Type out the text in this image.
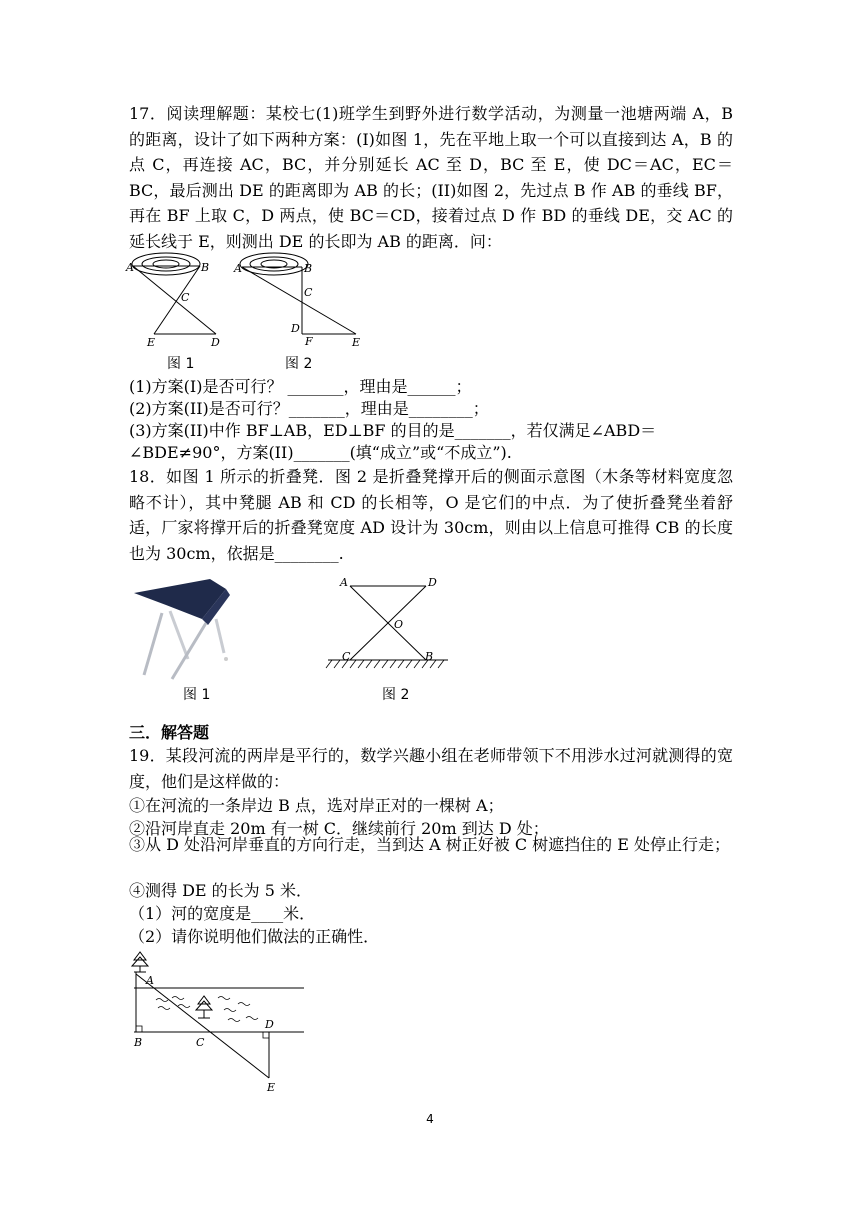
17．阅读理解题：某校七(1)班学生到野外进行数学活动，为测量一池塘两端 A，B 的距离，设计了如下两种方案：(I)如图 1，先在平地上取一个可以直接到达 A，B 的点 C，再连接 AC，BC，并分别延长 AC 至 D，BC 至 E，使 DC＝AC，EC＝BC，最后测出 DE 的距离即为 AB 的长；(II)如图 2，先过点 B 作 AB 的垂线 BF，再在 BF 上取 C，D 两点，使 BC＝CD，接着过点 D 作 BD 的垂线 DE，交 AC 的延长线于 E，则测出 DE 的长即为 AB 的距离．问：

A	B
C
E	D
A	B
C
D
F	E
图 1	图 2
(1)方案(I)是否可行？ _______，理由是______；
(2)方案(II)是否可行？_______，理由是________；
(3)方案(II)中作 BF⊥AB，ED⊥BF 的目的是_______，若仅满足∠ABD＝
∠BDE≠90°，方案(II)_______(填“成立”或“不成立”).

18．如图 1 所示的折叠凳．图 2 是折叠凳撑开后的侧面示意图（木条等材料宽度忽略不计），其中凳腿 AB 和 CD 的长相等，O 是它们的中点．为了使折叠凳坐着舒适，厂家将撑开后的折叠凳宽度 AD 设计为 30cm，则由以上信息可推得 CB 的长度也为 30cm，依据是________.

A	D
O
C	B
图 1	图 2
三．解答题

19．某段河流的两岸是平行的，数学兴趣小组在老师带领下不用涉水过河就测得的宽度，他们是这样做的：

①在河流的一条岸边 B 点，选对岸正对的一棵树 A；
②沿河岸直走 20m 有一树 C．继续前行 20m 到达 D 处；

③从 D 处沿河岸垂直的方向行走，当到达 A 树正好被 C 树遮挡住的 E 处停止行走；

④测得 DE 的长为 5 米．
（1）河的宽度是____米．
（2）请你说明他们做法的正确性．
A
B	C
D
E
4
